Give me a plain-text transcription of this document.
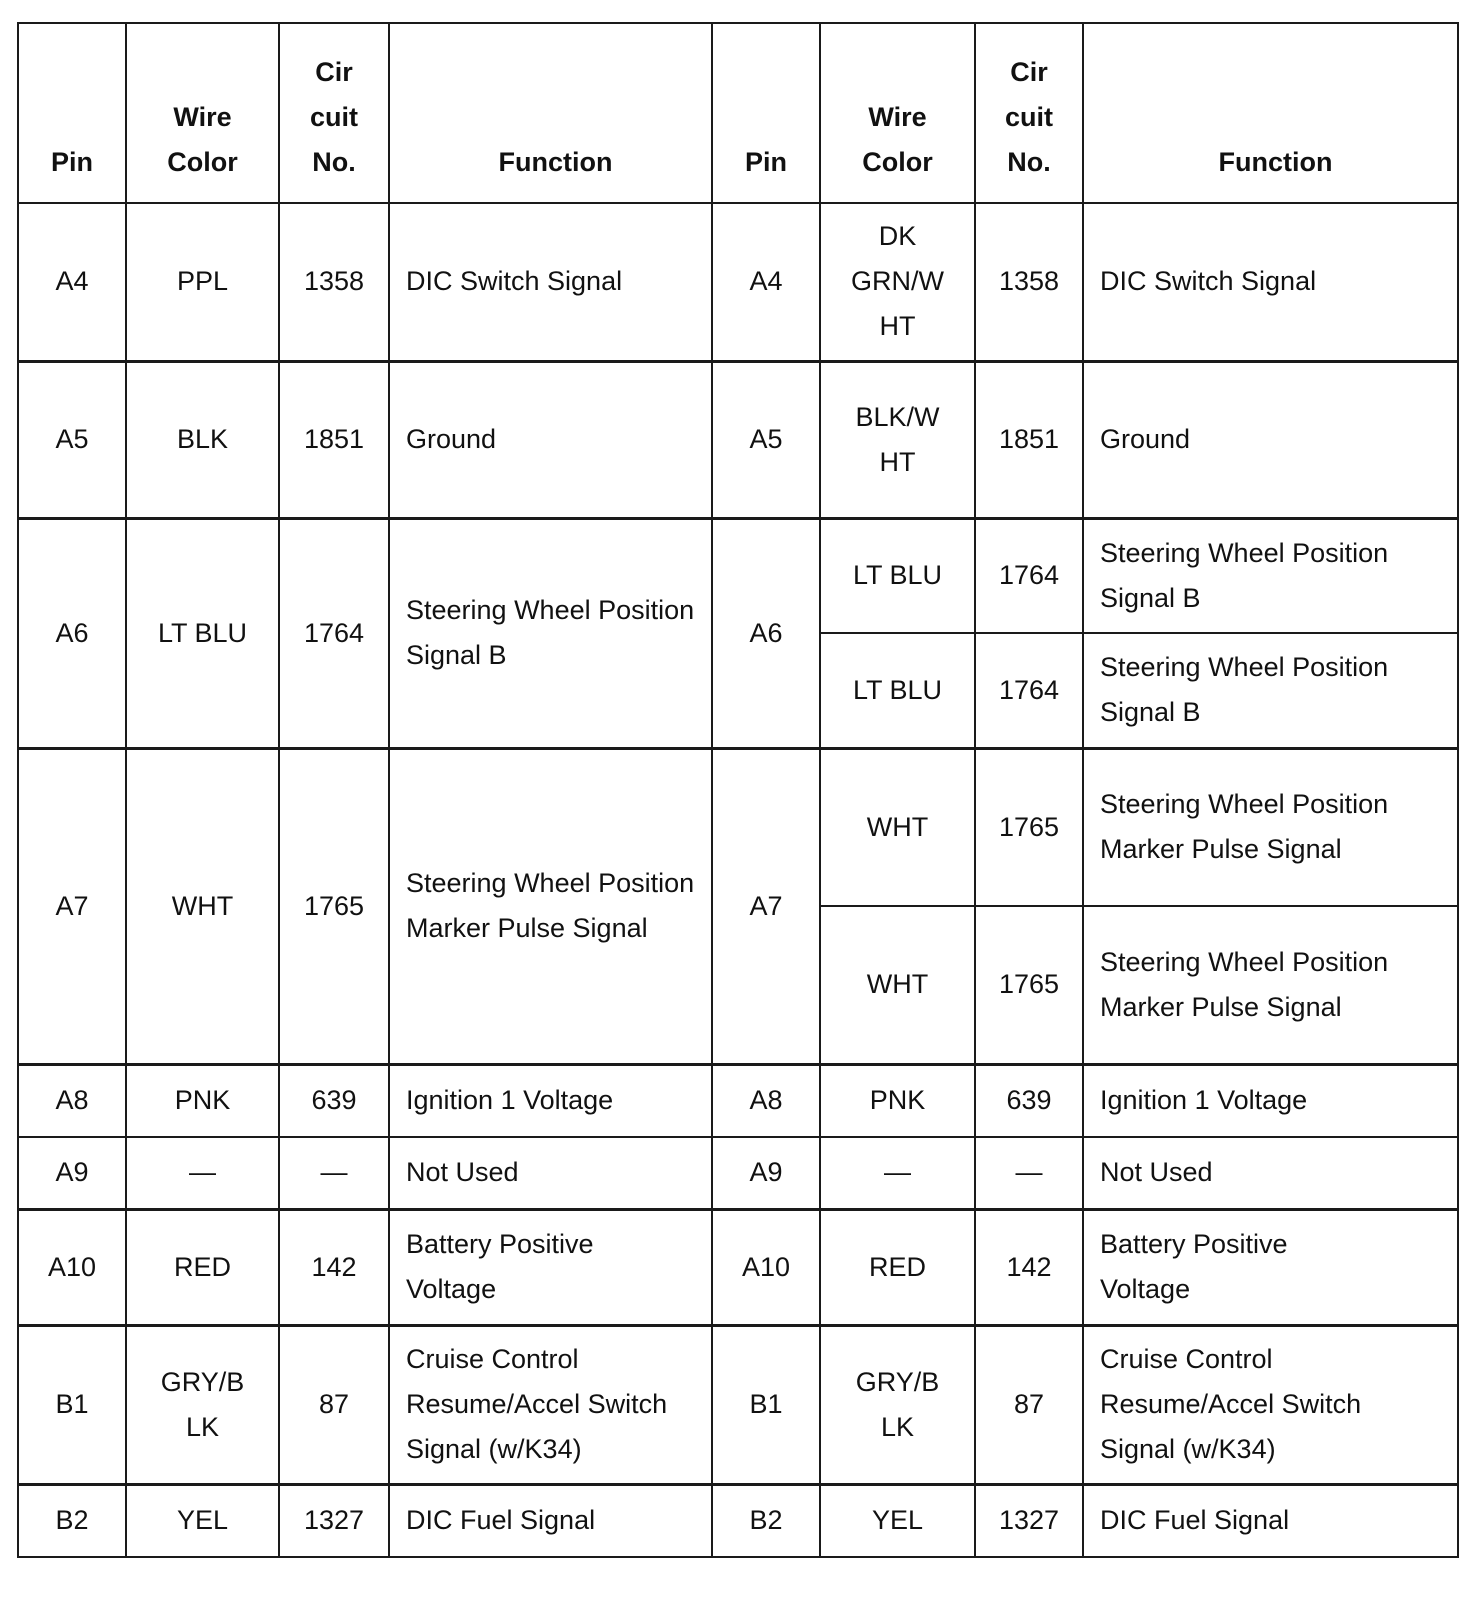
Pin	Wire Color	Cir cuit No.	Function	Pin	Wire Color	Cir cuit No.	Function
A4	PPL	1358	DIC Switch Signal	A4	DK GRN/W HT	1358	DIC Switch Signal
A5	BLK	1851	Ground	A5	BLK/W HT	1851	Ground
A6	LT BLU	1764	Steering Wheel Position Signal B	A6	LT BLU	1764	Steering Wheel Position Signal B
					LT BLU	1764	Steering Wheel Position Signal B
A7	WHT	1765	Steering Wheel Position Marker Pulse Signal	A7	WHT	1765	Steering Wheel Position Marker Pulse Signal
					WHT	1765	Steering Wheel Position Marker Pulse Signal
A8	PNK	639	Ignition 1 Voltage	A8	PNK	639	Ignition 1 Voltage
A9	—	—	Not Used	A9	—	—	Not Used
A10	RED	142	Battery Positive Voltage	A10	RED	142	Battery Positive Voltage
B1	GRY/B LK	87	Cruise Control Resume/Accel Switch Signal (w/K34)	B1	GRY/B LK	87	Cruise Control Resume/Accel Switch Signal (w/K34)
B2	YEL	1327	DIC Fuel Signal	B2	YEL	1327	DIC Fuel Signal
